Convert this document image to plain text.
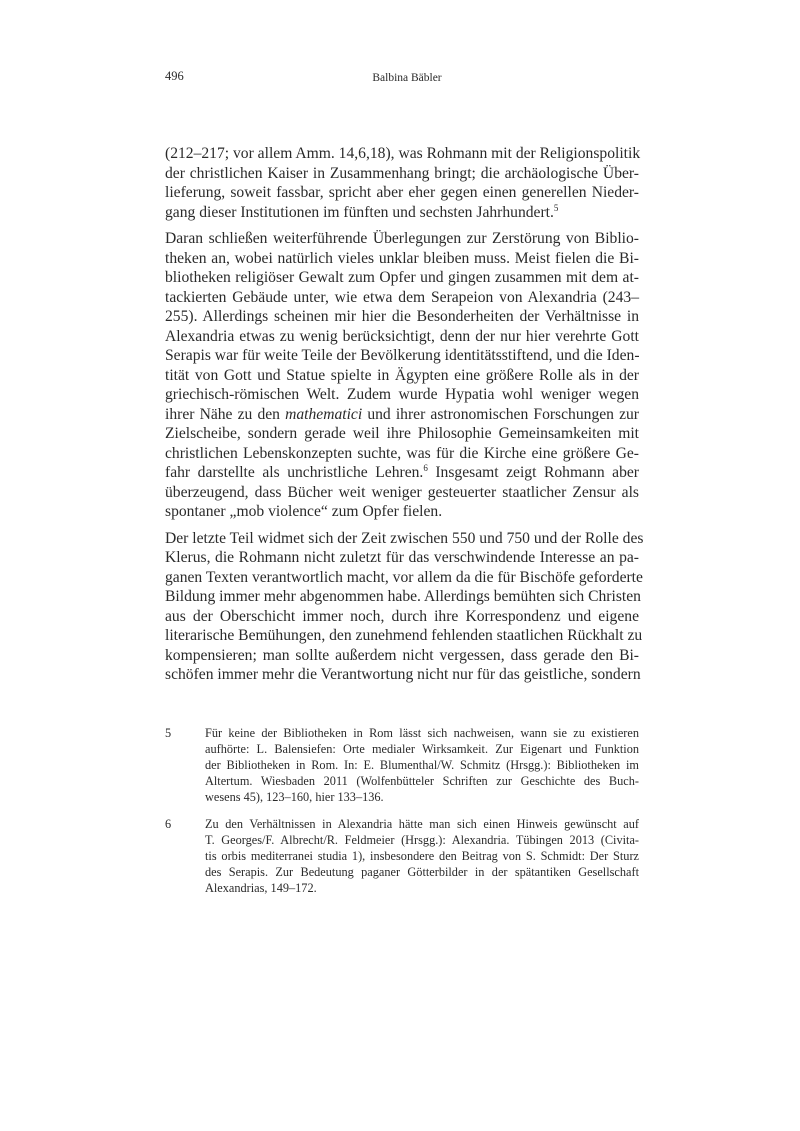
496	Balbina Bäbler

(212–217; vor allem Amm. 14,6,18), was Rohmann mit der Religionspolitik
der christlichen Kaiser in Zusammenhang bringt; die archäologische Über-
lieferung, soweit fassbar, spricht aber eher gegen einen generellen Nieder-
gang dieser Institutionen im fünften und sechsten Jahrhundert.$^5$

Daran schließen weiterführende Überlegungen zur Zerstörung von Biblio-
theken an, wobei natürlich vieles unklar bleiben muss. Meist fielen die Bi-
bliotheken religiöser Gewalt zum Opfer und gingen zusammen mit dem at-
tackierten Gebäude unter, wie etwa dem Serapeion von Alexandria (243–
255). Allerdings scheinen mir hier die Besonderheiten der Verhältnisse in
Alexandria etwas zu wenig berücksichtigt, denn der nur hier verehrte Gott
Serapis war für weite Teile der Bevölkerung identitätsstiftend, und die Iden-
tität von Gott und Statue spielte in Ägypten eine größere Rolle als in der
griechisch-römischen Welt. Zudem wurde Hypatia wohl weniger wegen
ihrer Nähe zu den mathematici und ihrer astronomischen Forschungen zur
Zielscheibe, sondern gerade weil ihre Philosophie Gemeinsamkeiten mit
christlichen Lebenskonzepten suchte, was für die Kirche eine größere Ge-
fahr darstellte als unchristliche Lehren.$^6$ Insgesamt zeigt Rohmann aber
überzeugend, dass Bücher weit weniger gesteuerter staatlicher Zensur als
spontaner „mob violence“ zum Opfer fielen.

Der letzte Teil widmet sich der Zeit zwischen 550 und 750 und der Rolle des
Klerus, die Rohmann nicht zuletzt für das verschwindende Interesse an pa-
ganen Texten verantwortlich macht, vor allem da die für Bischöfe geforderte
Bildung immer mehr abgenommen habe. Allerdings bemühten sich Christen
aus der Oberschicht immer noch, durch ihre Korrespondenz und eigene
literarische Bemühungen, den zunehmend fehlenden staatlichen Rückhalt zu
kompensieren; man sollte außerdem nicht vergessen, dass gerade den Bi-
schöfen immer mehr die Verantwortung nicht nur für das geistliche, sondern

5	Für keine der Bibliotheken in Rom lässt sich nachweisen, wann sie zu existieren
aufhörte: L. Balensiefen: Orte medialer Wirksamkeit. Zur Eigenart und Funktion
der Bibliotheken in Rom. In: E. Blumenthal/W. Schmitz (Hrsgg.): Bibliotheken im
Altertum. Wiesbaden 2011 (Wolfenbütteler Schriften zur Geschichte des Buch-
wesens 45), 123–160, hier 133–136.
6	Zu den Verhältnissen in Alexandria hätte man sich einen Hinweis gewünscht auf
T. Georges/F. Albrecht/R. Feldmeier (Hrsgg.): Alexandria. Tübingen 2013 (Civita-
tis orbis mediterranei studia 1), insbesondere den Beitrag von S. Schmidt: Der Sturz
des Serapis. Zur Bedeutung paganer Götterbilder in der spätantiken Gesellschaft
Alexandrias, 149–172.
